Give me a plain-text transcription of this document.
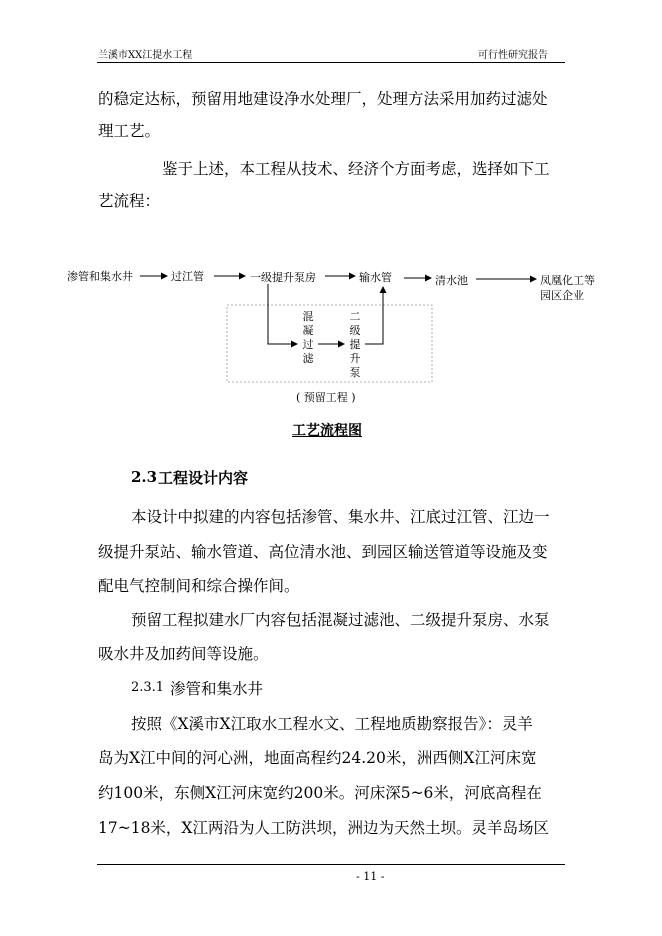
兰溪市XX江提水工程	可行性研究报告
的稳定达标，预留用地建设净水处理厂，处理方法采用加药过滤处
理工艺。
鉴于上述，本工程从技术、经济个方面考虑，选择如下工
艺流程：
渗管和集水井	过江管	一级提升泵房	输水管	清水池	凤凰化工等
园区企业
混
凝
过
滤
二
级
提
升
泵
( 预留工程 )
工艺流程图
2.3 工程设计内容
本设计中拟建的内容包括渗管、集水井、江底过江管、江边一
级提升泵站、输水管道、高位清水池、到园区输送管道等设施及变
配电气控制间和综合操作间。
预留工程拟建水厂内容包括混凝过滤池、二级提升泵房、水泵
吸水井及加药间等设施。
2.3.1 渗管和集水井
按照《X溪市X江取水工程水文、工程地质勘察报告》：灵羊
岛为X江中间的河心洲，地面高程约24.20米，洲西侧X江河床宽
约100米，东侧X江河床宽约200米。河床深5~6米，河底高程在
17~18米，X江两沿为人工防洪坝，洲边为天然土坝。灵羊岛场区
- 11 -
